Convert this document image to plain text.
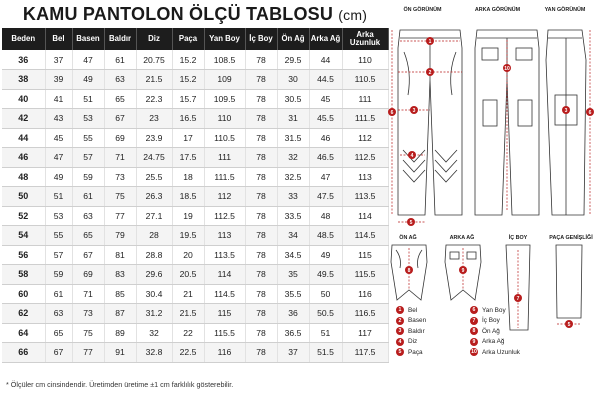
KAMU PANTOLON ÖLÇÜ TABLOSU (cm)
Beden	Bel	Basen	Baldır	Diz	Paça	Yan Boy	İç Boy	Ön Ağ	Arka Ağ	Arka Uzunluk
36	37	47	61	20.75	15.2	108.5	78	29.5	44	110
38	39	49	63	21.5	15.2	109	78	30	44.5	110.5
40	41	51	65	22.3	15.7	109.5	78	30.5	45	111
42	43	53	67	23	16.5	110	78	31	45.5	111.5
44	45	55	69	23.9	17	110.5	78	31.5	46	112
46	47	57	71	24.75	17.5	111	78	32	46.5	112.5
48	49	59	73	25.5	18	111.5	78	32.5	47	113
50	51	61	75	26.3	18.5	112	78	33	47.5	113.5
52	53	63	77	27.1	19	112.5	78	33.5	48	114
54	55	65	79	28	19.5	113	78	34	48.5	114.5
56	57	67	81	28.8	20	113.5	78	34.5	49	115
58	59	69	83	29.6	20.5	114	78	35	49.5	115.5
60	61	71	85	30.4	21	114.5	78	35.5	50	116
62	63	73	87	31.2	21.5	115	78	36	50.5	116.5
64	65	75	89	32	22	115.5	78	36.5	51	117
66	67	77	91	32.8	22.5	116	78	37	51.5	117.5
* Ölçüler cm cinsindendir. Üretimden üretime ±1 cm farklılık gösterebilir.
ÖN GÖRÜNÜM	ARKA GÖRÜNÜM	YAN GÖRÜNÜM
ÖN AĞ	ARKA AĞ	İÇ BOY	PAÇA GENİŞLİĞİ
1
2
3
4
5
6
10
6
3
8	9
7
5
1	Bel
2	Basen
3	Baldır
4	Diz
5	Paça
6	Yan Boy
7	İç Boy
8	Ön Ağ
9	Arka Ağ
10 Arka Uzunluk
